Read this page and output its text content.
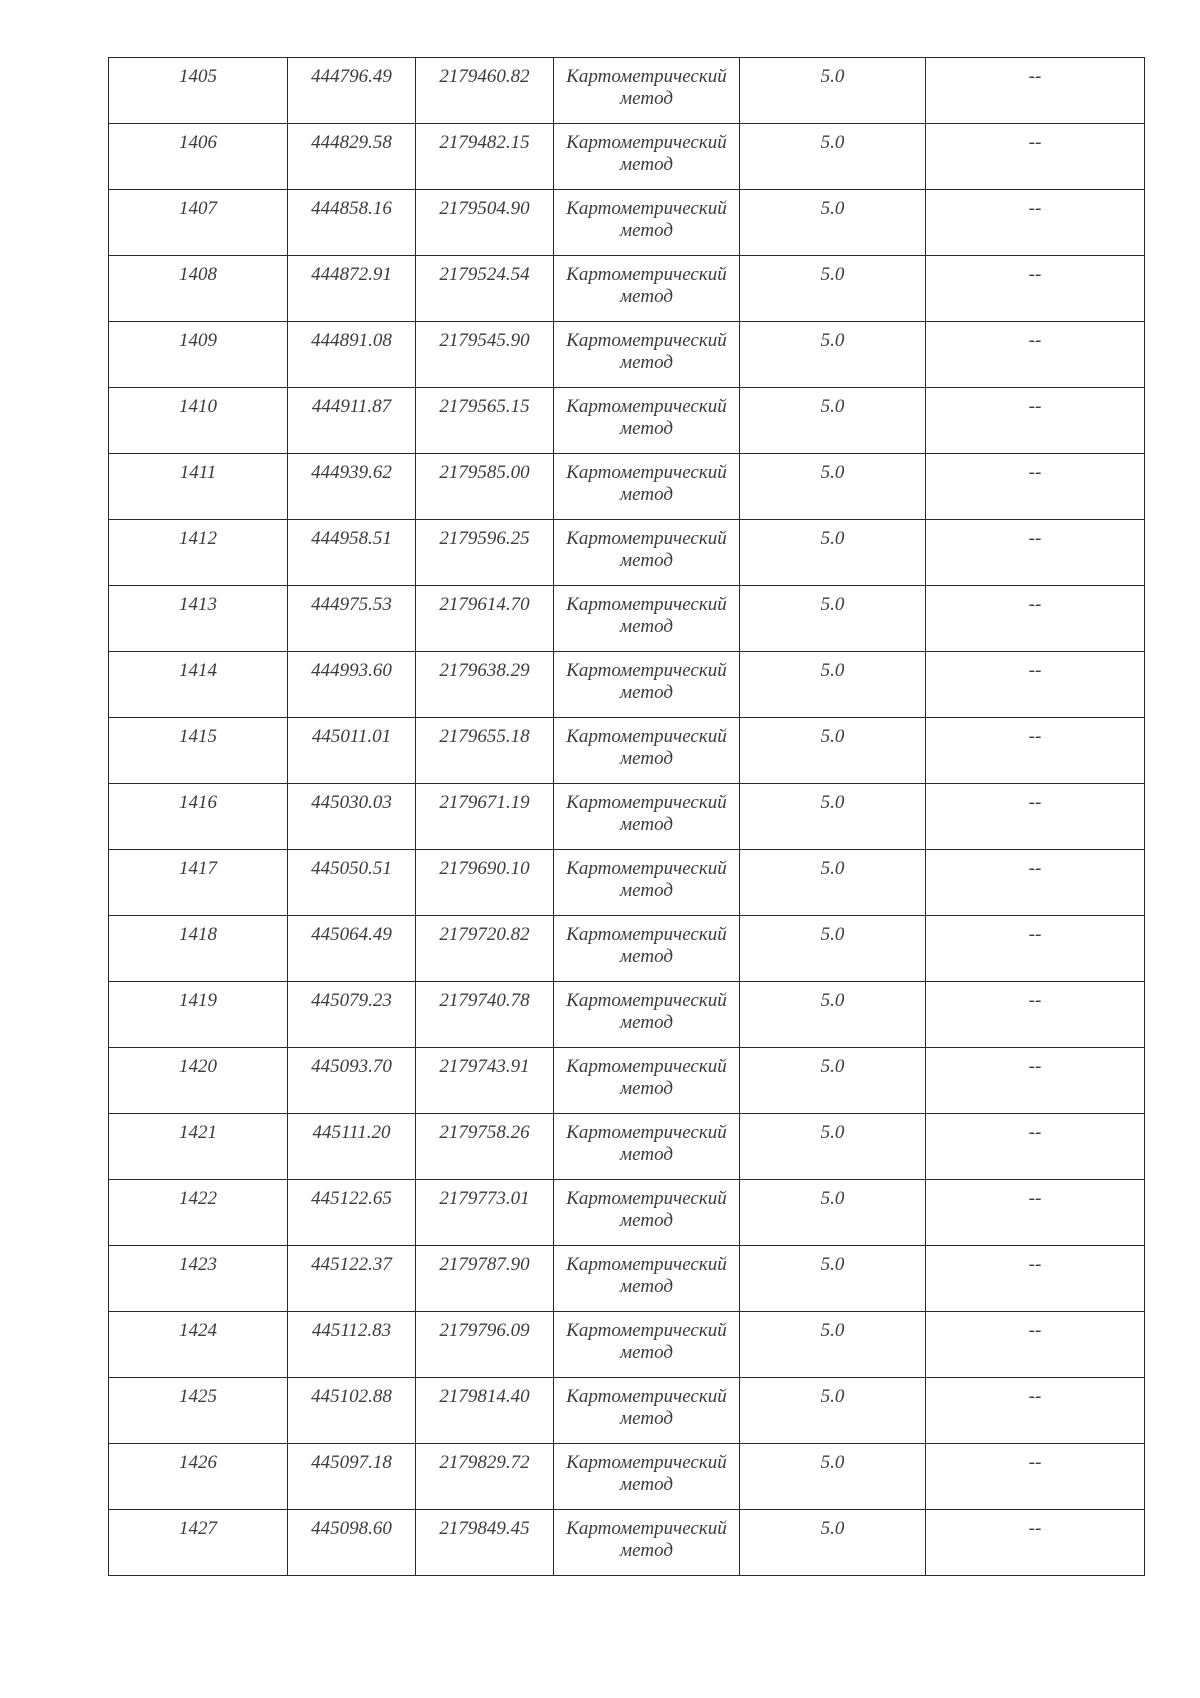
1405	444796.49	2179460.82	Картометрический метод	5.0	--
1406	444829.58	2179482.15	Картометрический метод	5.0	--
1407	444858.16	2179504.90	Картометрический метод	5.0	--
1408	444872.91	2179524.54	Картометрический метод	5.0	--
1409	444891.08	2179545.90	Картометрический метод	5.0	--
1410	444911.87	2179565.15	Картометрический метод	5.0	--
1411	444939.62	2179585.00	Картометрический метод	5.0	--
1412	444958.51	2179596.25	Картометрический метод	5.0	--
1413	444975.53	2179614.70	Картометрический метод	5.0	--
1414	444993.60	2179638.29	Картометрический метод	5.0	--
1415	445011.01	2179655.18	Картометрический метод	5.0	--
1416	445030.03	2179671.19	Картометрический метод	5.0	--
1417	445050.51	2179690.10	Картометрический метод	5.0	--
1418	445064.49	2179720.82	Картометрический метод	5.0	--
1419	445079.23	2179740.78	Картометрический метод	5.0	--
1420	445093.70	2179743.91	Картометрический метод	5.0	--
1421	445111.20	2179758.26	Картометрический метод	5.0	--
1422	445122.65	2179773.01	Картометрический метод	5.0	--
1423	445122.37	2179787.90	Картометрический метод	5.0	--
1424	445112.83	2179796.09	Картометрический метод	5.0	--
1425	445102.88	2179814.40	Картометрический метод	5.0	--
1426	445097.18	2179829.72	Картометрический метод	5.0	--
1427	445098.60	2179849.45	Картометрический метод	5.0	--
